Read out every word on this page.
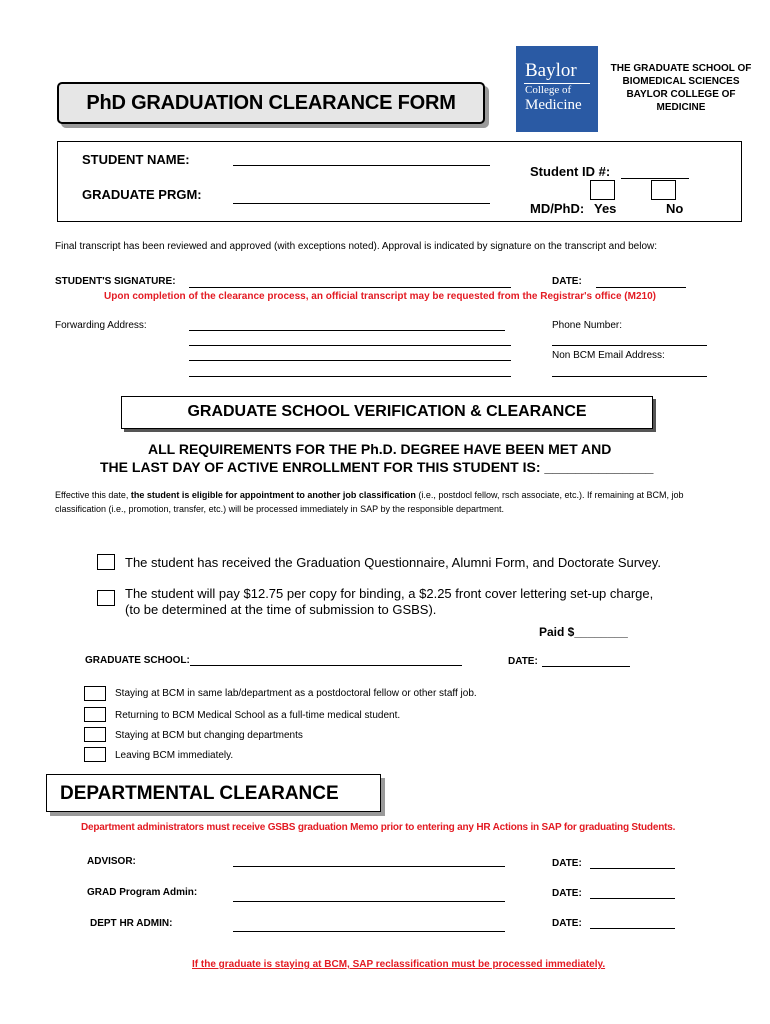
PhD GRADUATION CLEARANCE FORM
Baylor
College of
Medicine
THE GRADUATE SCHOOL OF
BIOMEDICAL SCIENCES
BAYLOR COLLEGE OF
MEDICINE
STUDENT NAME:
GRADUATE PRGM:
Student ID #:
MD/PhD: Yes	No
Final transcript has been reviewed and approved (with exceptions noted). Approval is indicated by signature on the transcript and below:
STUDENT'S SIGNATURE:	DATE:
Upon completion of the clearance process, an official transcript may be requested from the Registrar's office (M210)
Forwarding Address:	Phone Number:
Non BCM Email Address:
GRADUATE SCHOOL VERIFICATION & CLEARANCE
ALL REQUIREMENTS FOR THE Ph.D. DEGREE HAVE BEEN MET AND
THE LAST DAY OF ACTIVE ENROLLMENT FOR THIS STUDENT IS: ______________
Effective this date, the student is eligible for appointment to another job classification (i.e., postdocl fellow, rsch associate, etc.). If remaining at BCM, job
classification (i.e., promotion, transfer, etc.) will be processed immediately in SAP by the responsible department.
The student has received the Graduation Questionnaire, Alumni Form, and Doctorate Survey.
The student will pay $12.75 per copy for binding, a $2.25 front cover lettering set-up charge,
(to be determined at the time of submission to GSBS).
Paid $________
GRADUATE SCHOOL:	DATE:
Staying at BCM in same lab/department as a postdoctoral fellow or other staff job.
Returning to BCM Medical School as a full-time medical student.
Staying at BCM but changing departments
Leaving BCM immediately.
DEPARTMENTAL CLEARANCE
Department administrators must receive GSBS graduation Memo prior to entering any HR Actions in SAP for graduating Students.
ADVISOR:	DATE:
GRAD Program Admin:	DATE:
DEPT HR ADMIN:	DATE:
If the graduate is staying at BCM, SAP reclassification must be processed immediately.
